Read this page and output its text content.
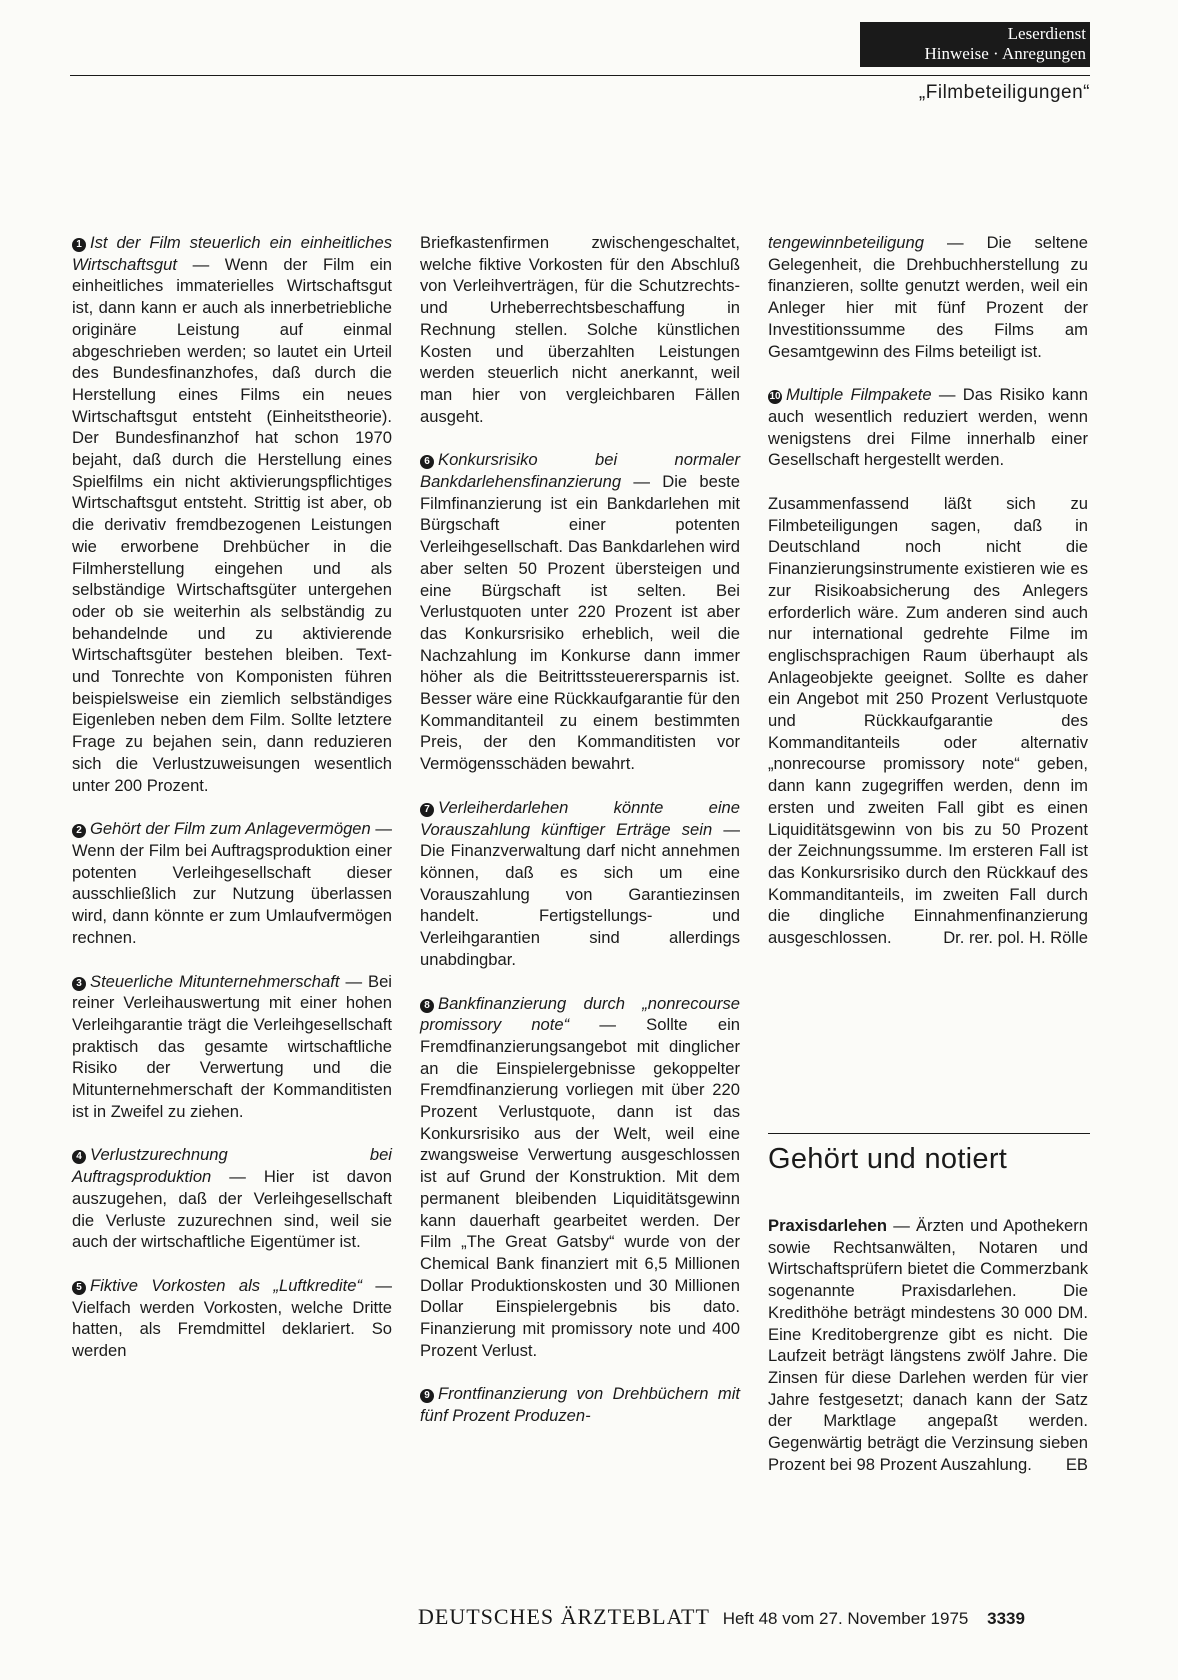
Leserdienst
Hinweise · Anregungen
„Filmbeteiligungen“

1 Ist der Film steuerlich ein einheitliches Wirtschaftsgut — Wenn der Film ein einheitliches immaterielles Wirtschaftsgut ist, dann kann er auch als innerbetriebliche originäre Leistung auf einmal abgeschrieben werden; so lautet ein Urteil des Bundesfinanzhofes, daß durch die Herstellung eines Films ein neues Wirtschaftsgut entsteht (Einheitstheorie). Der Bundesfinanzhof hat schon 1970 bejaht, daß durch die Herstellung eines Spielfilms ein nicht aktivierungspflichtiges Wirtschaftsgut entsteht. Strittig ist aber, ob die derivativ fremdbezogenen Leistungen wie erworbene Drehbücher in die Filmherstellung eingehen und als selbständige Wirtschaftsgüter untergehen oder ob sie weiterhin als selbständig zu behandelnde und zu aktivierende Wirtschaftsgüter bestehen bleiben. Text- und Tonrechte von Komponisten führen beispielsweise ein ziemlich selbständiges Eigenleben neben dem Film. Sollte letztere Frage zu bejahen sein, dann reduzieren sich die Verlustzuweisungen wesentlich unter 200 Prozent.

2 Gehört der Film zum Anlagevermögen — Wenn der Film bei Auftragsproduktion einer potenten Verleihgesellschaft dieser ausschließlich zur Nutzung überlassen wird, dann könnte er zum Umlaufvermögen rechnen.

3 Steuerliche Mitunternehmerschaft — Bei reiner Verleihauswertung mit einer hohen Verleihgarantie trägt die Verleihgesellschaft praktisch das gesamte wirtschaftliche Risiko der Verwertung und die Mitunternehmerschaft der Kommanditisten ist in Zweifel zu ziehen.

4 Verlustzurechnung bei Auftragsproduktion — Hier ist davon auszugehen, daß der Verleihgesellschaft die Verluste zuzurechnen sind, weil sie auch der wirtschaftliche Eigentümer ist.

5 Fiktive Vorkosten als „Luftkredite“ — Vielfach werden Vorkosten, welche Dritte hatten, als Fremdmittel deklariert. So werden

Briefkastenfirmen zwischengeschaltet, welche fiktive Vorkosten für den Abschluß von Verleihverträgen, für die Schutzrechts- und Urheberrechtsbeschaffung in Rechnung stellen. Solche künstlichen Kosten und überzahlten Leistungen werden steuerlich nicht anerkannt, weil man hier von vergleichbaren Fällen ausgeht.

6 Konkursrisiko bei normaler Bankdarlehensfinanzierung — Die beste Filmfinanzierung ist ein Bankdarlehen mit Bürgschaft einer potenten Verleihgesellschaft. Das Bankdarlehen wird aber selten 50 Prozent übersteigen und eine Bürgschaft ist selten. Bei Verlustquoten unter 220 Prozent ist aber das Konkursrisiko erheblich, weil die Nachzahlung im Konkurse dann immer höher als die Beitrittssteuerersparnis ist. Besser wäre eine Rückkaufgarantie für den Kommanditanteil zu einem bestimmten Preis, der den Kommanditisten vor Vermögensschäden bewahrt.

7 Verleiherdarlehen könnte eine Vorauszahlung künftiger Erträge sein — Die Finanzverwaltung darf nicht annehmen können, daß es sich um eine Vorauszahlung von Garantiezinsen handelt. Fertigstellungs- und Verleihgarantien sind allerdings unabdingbar.

8 Bankfinanzierung durch „nonrecourse promissory note“ — Sollte ein Fremdfinanzierungsangebot mit dinglicher an die Einspielergebnisse gekoppelter Fremdfinanzierung vorliegen mit über 220 Prozent Verlustquote, dann ist das Konkursrisiko aus der Welt, weil eine zwangsweise Verwertung ausgeschlossen ist auf Grund der Konstruktion. Mit dem permanent bleibenden Liquiditätsgewinn kann dauerhaft gearbeitet werden. Der Film „The Great Gatsby“ wurde von der Chemical Bank finanziert mit 6,5 Millionen Dollar Produktionskosten und 30 Millionen Dollar Einspielergebnis bis dato. Finanzierung mit promissory note und 400 Prozent Verlust.

9 Frontfinanzierung von Drehbüchern mit fünf Prozent Produzen-

tengewinnbeteiligung — Die seltene Gelegenheit, die Drehbuchherstellung zu finanzieren, sollte genutzt werden, weil ein Anleger hier mit fünf Prozent der Investitionssumme des Films am Gesamtgewinn des Films beteiligt ist.

10 Multiple Filmpakete — Das Risiko kann auch wesentlich reduziert werden, wenn wenigstens drei Filme innerhalb einer Gesellschaft hergestellt werden.

Zusammenfassend läßt sich zu Filmbeteiligungen sagen, daß in Deutschland noch nicht die Finanzierungsinstrumente existieren wie es zur Risikoabsicherung des Anlegers erforderlich wäre. Zum anderen sind auch nur international gedrehte Filme im englischsprachigen Raum überhaupt als Anlageobjekte geeignet. Sollte es daher ein Angebot mit 250 Prozent Verlustquote und Rückkaufgarantie des Kommanditanteils oder alternativ „nonrecourse promissory note“ geben, dann kann zugegriffen werden, denn im ersten und zweiten Fall gibt es einen Liquiditätsgewinn von bis zu 50 Prozent der Zeichnungssumme. Im ersteren Fall ist das Konkursrisiko durch den Rückkauf des Kommanditanteils, im zweiten Fall durch die dingliche Einnahmenfinanzierung ausgeschlossen.	Dr. rer. pol. H. Rölle

Gehört und notiert
Praxisdarlehen — Ärzten und Apothekern sowie Rechtsanwälten, Notaren und Wirtschaftsprüfern bietet die Commerzbank sogenannte Praxisdarlehen. Die Kredithöhe beträgt mindestens 30 000 DM. Eine Kreditobergrenze gibt es nicht. Die Laufzeit beträgt längstens zwölf Jahre. Die Zinsen für diese Darlehen werden für vier Jahre festgesetzt; danach kann der Satz der Marktlage angepaßt werden. Gegenwärtig beträgt die Verzinsung sieben Prozent bei 98 Prozent Auszahlung. EB
DEUTSCHES ÄRZTEBLATT Heft 48 vom 27. November 1975 3339
